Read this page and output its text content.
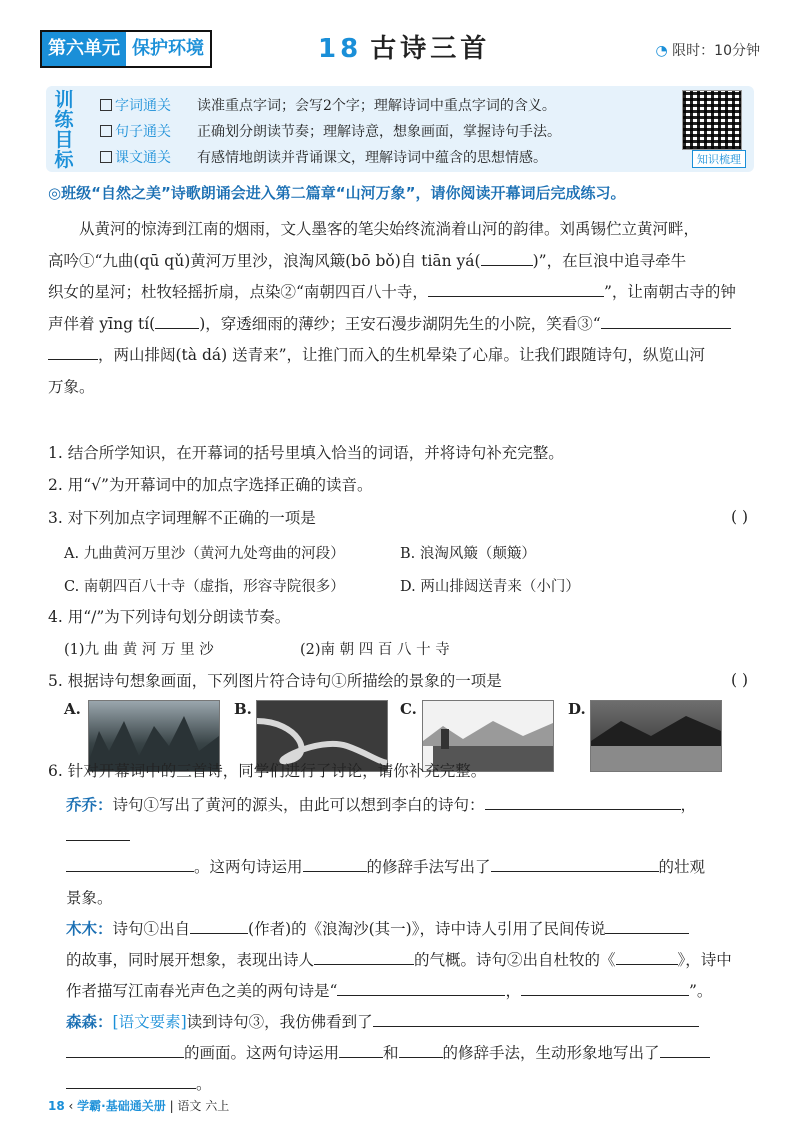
第六单元 保护环境	18 古诗三首	◔ 限时：10分钟
训练目标
字词通关	读准重点字词；会写2个字；理解诗词中重点字词的含义。
句子通关	正确划分朗读节奏；理解诗意，想象画面，掌握诗句手法。
课文通关	有感情地朗读并背诵课文，理解诗词中蕴含的思想情感。	知识梳理
◎班级“自然之美”诗歌朗诵会进入第二篇章“山河万象”，请你阅读开幕词后完成练习。

从黄河的惊涛到江南的烟雨，文人墨客的笔尖始终流淌着山河的韵律。刘禹锡伫立黄河畔，

高吟①“九曲(qū qǔ)黄河万里沙，浪淘风簸(bō bǒ)自 tiān yá(	)”，在巨浪中追寻牵牛
织女的星河；杜牧轻摇折扇，点染②“南朝四百八十寺，	”，让南朝古寺的钟
声伴着 yīng tí(	)，穿透细雨的薄纱；王安石漫步湖阴先生的小院，笑看③“
，两山排闼(tà dá) 送青来”，让推门而入的生机晕染了心扉。让我们跟随诗句，纵览山河
万象。
1. 结合所学知识，在开幕词的括号里填入恰当的词语，并将诗句补充完整。
2. 用“√”为开幕词中的加点字选择正确的读音。
3. 对下列加点字词理解不正确的一项是	( )
A. 九曲黄河万里沙（黄河九处弯曲的河段）	B. 浪淘风簸（颠簸）
C. 南朝四百八十寺（虚指，形容寺院很多）	D. 两山排闼送青来（小门）
4. 用“/”为下列诗句划分朗读节奏。
(1)九 曲 黄 河 万 里 沙	(2)南 朝 四 百 八 十 寺
5. 根据诗句想象画面，下列图片符合诗句①所描绘的景象的一项是	( )
A.	B.	C.	D.
6. 针对开幕词中的三首诗，同学们进行了讨论，请你补充完整。
乔乔：诗句①写出了黄河的源头，由此可以想到李白的诗句：	，
。这两句诗运用	的修辞手法写出了	的壮观
景象。
木木：诗句①出自	(作者)的《浪淘沙(其一)》，诗中诗人引用了民间传说
的故事，同时展开想象，表现出诗人	的气概。诗句②出自杜牧的《	》，诗中
作者描写江南春光声色之美的两句诗是“	，	”。
森森：[语文要素]读到诗句③，我仿佛看到了
的画面。这两句诗运用	和	的修辞手法，生动形象地写出了
。
18 ‹ 学霸·基础通关册 | 语文 六上
